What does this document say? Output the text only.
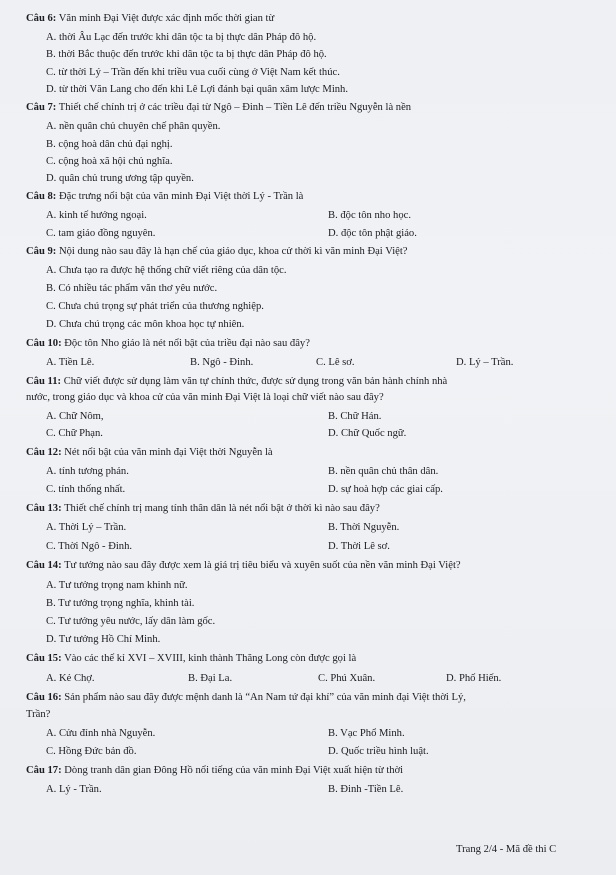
Câu 6: Văn minh Đại Việt được xác định mốc thời gian từ
A. thời Âu Lạc đến trước khi dân tộc ta bị thực dân Pháp đô hộ.
B. thời Bắc thuộc đến trước khi dân tộc ta bị thực dân Pháp đô hộ.
C. từ thời Lý – Trần đến khi triều vua cuối cùng ở Việt Nam kết thúc.
D. từ thời Văn Lang cho đến khi Lê Lợi đánh bại quân xâm lược Minh.
Câu 7: Thiết chế chính trị ở các triều đại từ Ngô – Đinh – Tiền Lê đến triều Nguyễn là nền
A. nền quân chủ chuyên chế phân quyền.
B. cộng hoà dân chủ đại nghị.
C. cộng hoà xã hội chủ nghĩa.
D. quân chủ trung ương tập quyền.
Câu 8: Đặc trưng nổi bật của văn minh Đại Việt thời Lý - Trần là
A. kinh tế hướng ngoại.	B. độc tôn nho học.
C. tam giáo đồng nguyên.	D. độc tôn phật giáo.
Câu 9: Nội dung nào sau đây là hạn chế của giáo dục, khoa cử thời kì văn minh Đại Việt?
A. Chưa tạo ra được hệ thống chữ viết riêng của dân tộc.
B. Có nhiều tác phẩm văn thơ yêu nước.
C. Chưa chú trọng sự phát triển của thương nghiệp.
D. Chưa chú trọng các môn khoa học tự nhiên.
Câu 10: Độc tôn Nho giáo là nét nổi bật của triều đại nào sau đây?
A. Tiền Lê.	B. Ngô - Đinh.	C. Lê sơ.	D. Lý – Trần.
Câu 11: Chữ viết được sử dụng làm văn tự chính thức, được sử dụng trong văn bản hành chính nhà
nước, trong giáo dục và khoa cử của văn minh Đại Việt là loại chữ viết nào sau đây?
A. Chữ Nôm,	B. Chữ Hán.
C. Chữ Phạn.	D. Chữ Quốc ngữ.
Câu 12: Nét nổi bật của văn minh đại Việt thời Nguyễn là
A. tính tương phản.	B. nền quân chủ thân dân.
C. tính thống nhất.	D. sự hoà hợp các giai cấp.
Câu 13: Thiết chế chính trị mang tính thân dân là nét nổi bật ở thời kì nào sau đây?
A. Thời Lý – Trần.	B. Thời Nguyễn.
C. Thời Ngô - Đinh.	D. Thời Lê sơ.
Câu 14: Tư tưởng nào sau đây được xem là giá trị tiêu biểu và xuyên suốt của nền văn minh Đại Việt?
A. Tư tưởng trọng nam khinh nữ.
B. Tư tưởng trọng nghĩa, khinh tài.
C. Tư tưởng yêu nước, lấy dân làm gốc.
D. Tư tưởng Hồ Chí Minh.
Câu 15: Vào các thế kỉ XVI – XVIII, kinh thành Thăng Long còn được gọi là
A. Kẻ Chợ.	B. Đại La.	C. Phú Xuân.	D. Phố Hiến.
Câu 16: Sản phẩm nào sau đây được mệnh danh là “An Nam tứ đại khí” của văn minh đại Việt thời Lý,
Trần?
A. Cửu đỉnh nhà Nguyễn.	B. Vạc Phổ Minh.
C. Hồng Đức bản đồ.	D. Quốc triều hình luật.
Câu 17: Dòng tranh dân gian Đông Hồ nổi tiếng của văn minh Đại Việt xuất hiện từ thời
A. Lý - Trần.	B. Đinh -Tiền Lê.
Trang 2/4 - Mã đề thi C
